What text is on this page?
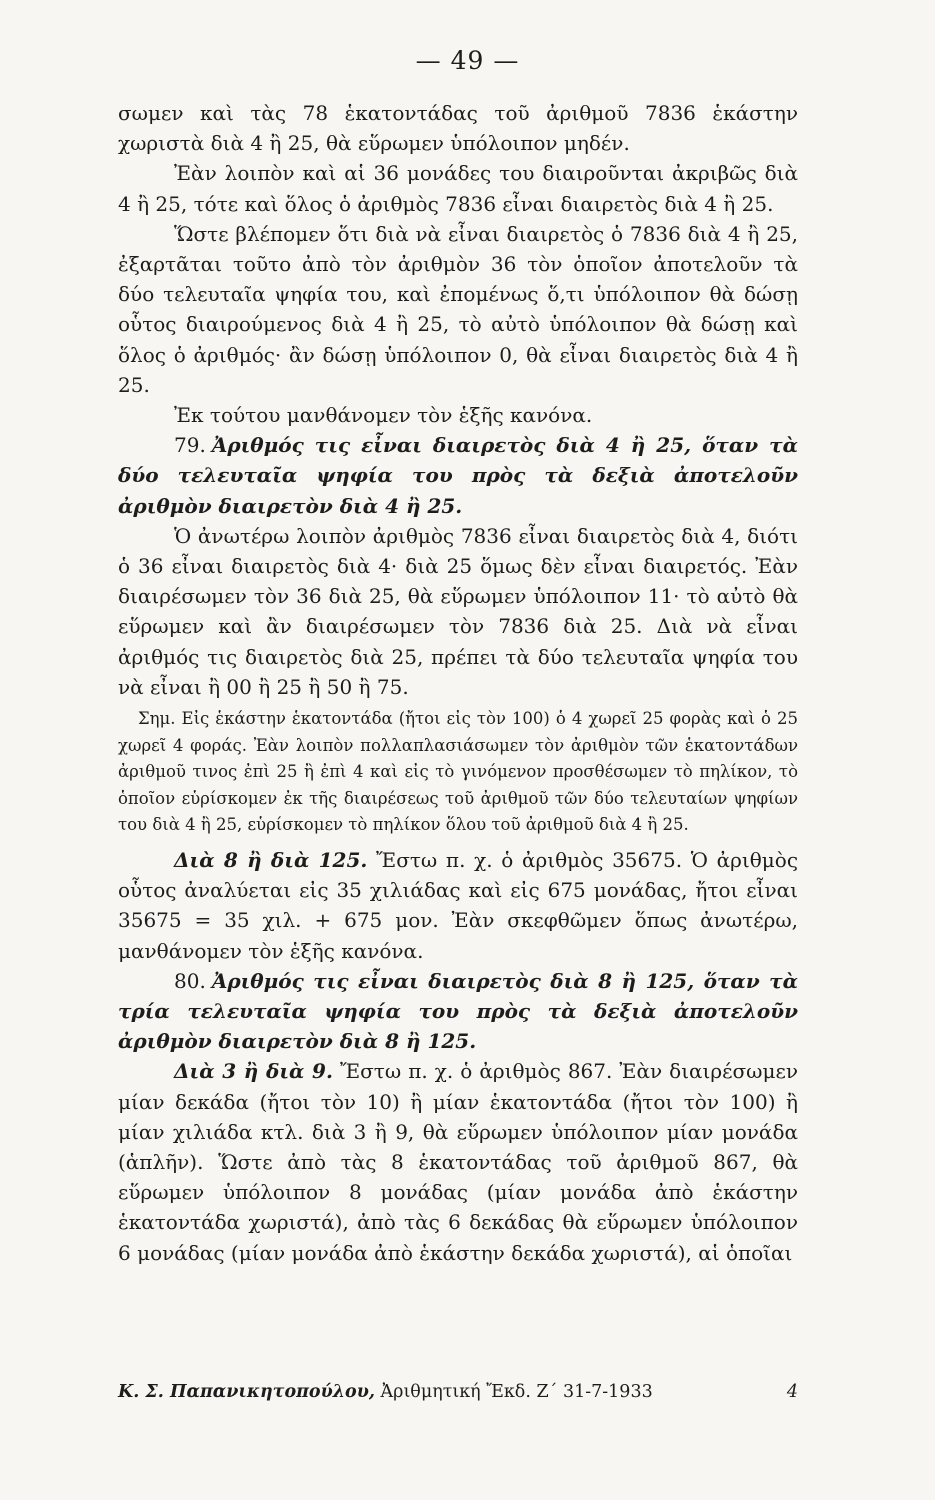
— 49 —

σωμεν καὶ τὰς 78 ἑκατοντάδας τοῦ ἀριθμοῦ 7836 ἑκάστην χωριστὰ διὰ 4 ἢ 25, θὰ εὕρωμεν ὑπόλοιπον μηδέν.

Ἐὰν λοιπὸν καὶ αἱ 36 μονάδες του διαιροῦνται ἀκριβῶς διὰ 4 ἢ 25, τότε καὶ ὅλος ὁ ἀριθμὸς 7836 εἶναι διαιρετὸς διὰ 4 ἢ 25.

Ὥστε βλέπομεν ὅτι διὰ νὰ εἶναι διαιρετὸς ὁ 7836 διὰ 4 ἢ 25, ἐξαρτᾶται τοῦτο ἀπὸ τὸν ἀριθμὸν 36 τὸν ὁποῖον ἀποτελοῦν τὰ δύο τελευταῖα ψηφία του, καὶ ἐπομένως ὅ,τι ὑπόλοιπον θὰ δώσῃ οὗτος διαιρούμενος διὰ 4 ἢ 25, τὸ αὐτὸ ὑπόλοιπον θὰ δώσῃ καὶ ὅλος ὁ ἀριθμός· ἂν δώσῃ ὑπόλοιπον 0, θὰ εἶναι διαιρετὸς διὰ 4 ἢ 25.

Ἐκ τούτου μανθάνομεν τὸν ἑξῆς κανόνα.

79. Ἀριθμός τις εἶναι διαιρετὸς διὰ 4 ἢ 25, ὅταν τὰ δύο τελευταῖα ψηφία του πρὸς τὰ δεξιὰ ἀποτελοῦν ἀριθμὸν διαιρετὸν διὰ 4 ἢ 25.

Ὁ ἀνωτέρω λοιπὸν ἀριθμὸς 7836 εἶναι διαιρετὸς διὰ 4, διότι ὁ 36 εἶναι διαιρετὸς διὰ 4· διὰ 25 ὅμως δὲν εἶναι διαιρετός. Ἐὰν διαιρέσωμεν τὸν 36 διὰ 25, θὰ εὕρωμεν ὑπόλοιπον 11· τὸ αὐτὸ θὰ εὕρωμεν καὶ ἂν διαιρέσωμεν τὸν 7836 διὰ 25. Διὰ νὰ εἶναι ἀριθμός τις διαιρετὸς διὰ 25, πρέπει τὰ δύο τελευταῖα ψηφία του νὰ εἶναι ἢ 00 ἢ 25 ἢ 50 ἢ 75.

Σημ. Εἰς ἑκάστην ἑκατοντάδα (ἤτοι εἰς τὸν 100) ὁ 4 χωρεῖ 25 φορὰς καὶ ὁ 25 χωρεῖ 4 φοράς. Ἐὰν λοιπὸν πολλαπλασιάσωμεν τὸν ἀριθμὸν τῶν ἑκατοντάδων ἀριθμοῦ τινος ἐπὶ 25 ἢ ἐπὶ 4 καὶ εἰς τὸ γινόμενον προσθέσωμεν τὸ πηλίκον, τὸ ὁποῖον εὑρίσκομεν ἐκ τῆς διαιρέσεως τοῦ ἀριθμοῦ τῶν δύο τελευταίων ψηφίων του διὰ 4 ἢ 25, εὑρίσκομεν τὸ πηλίκον ὅλου τοῦ ἀριθμοῦ διὰ 4 ἢ 25.

Διὰ 8 ἢ διὰ 125. Ἔστω π. χ. ὁ ἀριθμὸς 35675. Ὁ ἀριθμὸς οὗτος ἀναλύεται εἰς 35 χιλιάδας καὶ εἰς 675 μονάδας, ἤτοι εἶναι 35675 = 35 χιλ. + 675 μον. Ἐὰν σκεφθῶμεν ὅπως ἀνωτέρω, μανθάνομεν τὸν ἑξῆς κανόνα.

80. Ἀριθμός τις εἶναι διαιρετὸς διὰ 8 ἢ 125, ὅταν τὰ τρία τελευταῖα ψηφία του πρὸς τὰ δεξιὰ ἀποτελοῦν ἀριθμὸν διαιρετὸν διὰ 8 ἢ 125.

Διὰ 3 ἢ διὰ 9. Ἔστω π. χ. ὁ ἀριθμὸς 867. Ἐὰν διαιρέσωμεν μίαν δεκάδα (ἤτοι τὸν 10) ἢ μίαν ἑκατοντάδα (ἤτοι τὸν 100) ἢ μίαν χιλιάδα κτλ. διὰ 3 ἢ 9, θὰ εὕρωμεν ὑπόλοιπον μίαν μονάδα (ἁπλῆν). Ὥστε ἀπὸ τὰς 8 ἑκατοντάδας τοῦ ἀριθμοῦ 867, θὰ εὕρωμεν ὑπόλοιπον 8 μονάδας (μίαν μονάδα ἀπὸ ἑκάστην ἑκατοντάδα χωριστά), ἀπὸ τὰς 6 δεκάδας θὰ εὕρωμεν ὑπόλοιπον 6 μονάδας (μίαν μονάδα ἀπὸ ἑκάστην δεκάδα χωριστά), αἱ ὁποῖαι

Κ. Σ. Παπανικητοπούλου, Ἀριθμητική Ἔκδ. Ζ΄ 31-7-1933	4
